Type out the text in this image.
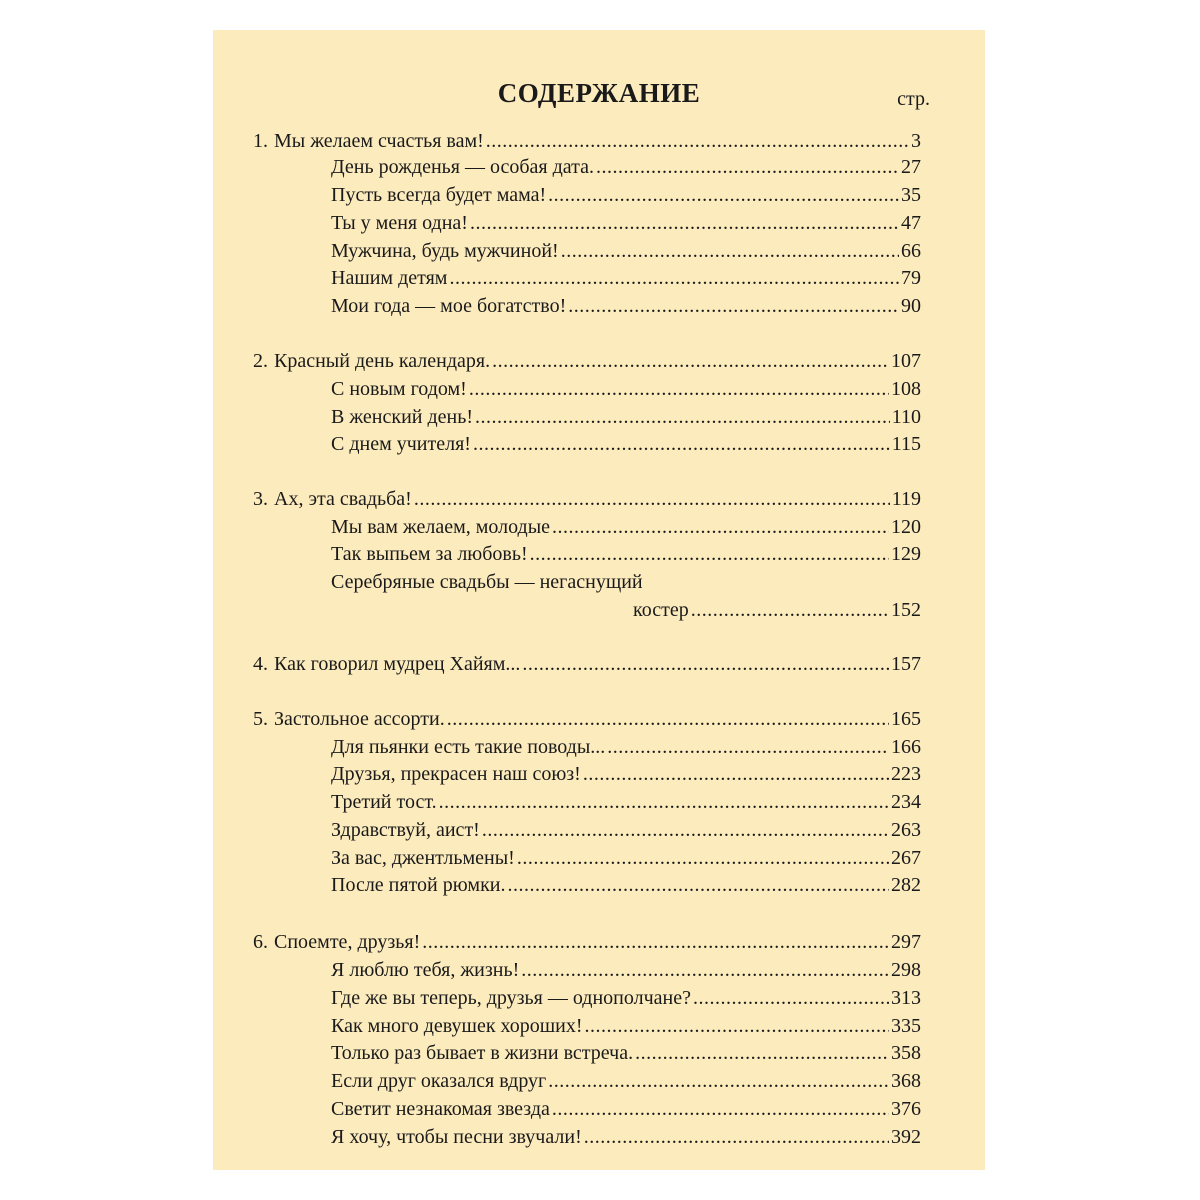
СОДЕРЖАНИЕ	стр.
1. Мы желаем счастья вам! .....	3
День рожденья — особая дата. .....	27
Пусть всегда будет мама! .....	35
Ты у меня одна! .....	47
Мужчина, будь мужчиной! .....	66
Нашим детям .....	79
Мои года — мое богатство! .....	90
2. Красный день календаря. .....	107
С новым годом! .....	108
В женский день! .....	110
С днем учителя! .....	115
3. Ах, эта свадьба! .....	119
Мы вам желаем, молодые .....	120
Так выпьем за любовь! .....	129
Серебряные свадьбы — негаснущий
костер .....	152
4. Как говорил мудрец Хайям... .....	157
5. Застольное ассорти. .....	165
Для пьянки есть такие поводы... .....	166
Друзья, прекрасен наш союз! .....	223
Третий тост. .....	234
Здравствуй, аист! .....	263
За вас, джентльмены! .....	267
После пятой рюмки. .....	282
6. Споемте, друзья! .....	297
Я люблю тебя, жизнь! .....	298
Где же вы теперь, друзья — однополчане? .....	313
Как много девушек хороших! .....	335
Только раз бывает в жизни встреча. .....	358
Если друг оказался вдруг .....	368
Светит незнакомая звезда .....	376
Я хочу, чтобы песни звучали! .....	392
